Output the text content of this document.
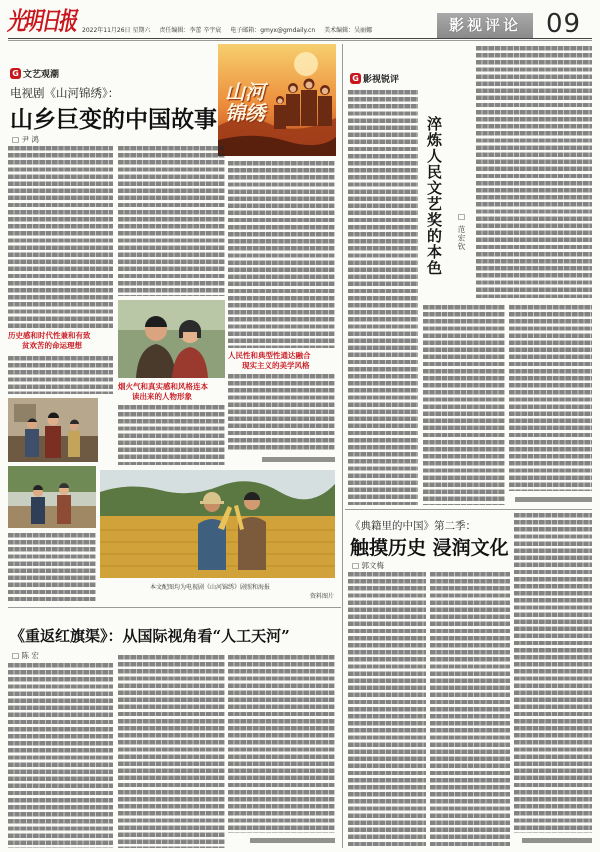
光明日报 2022年11月26日 星期六 责任编辑：李蕾 辛宇宸 电子邮箱：gmyx@gmdaily.cn 美术编辑：吴丽娜	影视评论 09
G 文艺观潮
电视剧《山河锦绣》：
山乡巨变的中国故事
□ 尹 鸿
山河锦绣
历史感和时代性兼和有致
贫欢苦的命运理想
烟火气和真实感和风格连本
读出来的人物形象
人民性和典型性通达融合
现实主义的美学风格
本文配图均为电视剧《山河锦绣》剧照和海报
资料图片
G 影视锐评
淬炼人民文艺奖的本色 □ 范宏钦
《重返红旗渠》：从国际视角看“人工天河”
□ 陈 宏
《典籍里的中国》第二季：
触摸历史 浸润文化
□ 郭文梅
